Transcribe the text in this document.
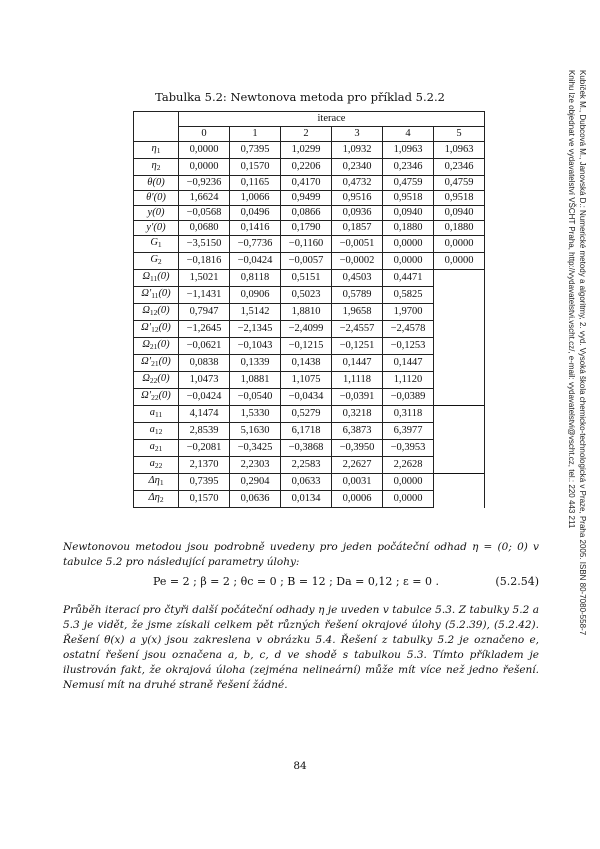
Kubíček M., Dubcová M., Janovská D.: Numerické metody a algoritmy, 2. vyd. Vysoká škola chemicko-technologická v Praze, Praha 2005. ISBN 80-7080-558-7
Knihu lze objednat ve vydavatelství VŠCHT Praha, http://vydavatelstvi.vscht.cz/, e-mail: vydavatelstvi@vscht.cz, tel.: 220 443 211
Tabulka 5.2: Newtonova metoda pro příklad 5.2.2
	iterace					
	0	1	2	3	4	5
$\eta_1$	0,0000	0,7395	1,0299	1,0932	1,0963	1,0963
$\eta_2$	0,0000	0,1570	0,2206	0,2340	0,2346	0,2346
θ(0)	−0,9236	0,1165	0,4170	0,4732	0,4759	0,4759
θ′(0)	1,6624	1,0066	0,9499	0,9516	0,9518	0,9518
y(0)	−0,0568	0,0496	0,0866	0,0936	0,0940	0,0940
y′(0)	0,0680	0,1416	0,1790	0,1857	0,1880	0,1880
$G_1$	−3,5150	−0,7736	−0,1160	−0,0051	0,0000	0,0000
$G_2$	−0,1816	−0,0424	−0,0057	−0,0002	0,0000	0,0000
$\Omega_{11}(0)$	1,5021	0,8118	0,5151	0,4503	0,4471	
$\Omega'_{11}(0)$	−1,1431	0,0906	0,5023	0,5789	0,5825	
$\Omega_{12}(0)$	0,7947	1,5142	1,8810	1,9658	1,9700	
$\Omega'_{12}(0)$	−1,2645	−2,1345	−2,4099	−2,4557	−2,4578	
$\Omega_{21}(0)$	−0,0621	−0,1043	−0,1215	−0,1251	−0,1253	
$\Omega'_{21}(0)$	0,0838	0,1339	0,1438	0,1447	0,1447	
$\Omega_{22}(0)$	1,0473	1,0881	1,1075	1,1118	1,1120	
$\Omega'_{22}(0)$	−0,0424	−0,0540	−0,0434	−0,0391	−0,0389	
$a_{11}$	4,1474	1,5330	0,5279	0,3218	0,3118	
$a_{12}$	2,8539	5,1630	6,1718	6,3873	6,3977	
$a_{21}$	−0,2081	−0,3425	−0,3868	−0,3950	−0,3953	
$a_{22}$	2,1370	2,2303	2,2583	2,2627	2,2628	
$\Delta\eta_1$	0,7395	0,2904	0,0633	0,0031	0,0000	
$\Delta\eta_2$	0,1570	0,0636	0,0134	0,0006	0,0000	
Newtonovou metodou jsou podrobně uvedeny pro jeden počáteční odhad η = (0; 0) v tabulce 5.2 pro následující parametry úlohy:
Pe = 2 ; β = 2 ; θc = 0 ; B = 12 ; Da = 0,12 ; ε = 0 .	(5.2.54)
Průběh iterací pro čtyři další počáteční odhady η je uveden v tabulce 5.3. Z tabulky 5.2 a 5.3 je vidět, že jsme získali celkem pět různých řešení okrajové úlohy (5.2.39), (5.2.42). Řešení θ(x) a y(x) jsou zakreslena v obrázku 5.4. Řešení z tabulky 5.2 je označeno e, ostatní řešení jsou označena a, b, c, d ve shodě s tabulkou 5.3. Tímto příkladem je ilustrován fakt, že okrajová úloha (zejména nelineární) může mít více než jedno řešení. Nemusí mít na druhé straně řešení žádné.
84
